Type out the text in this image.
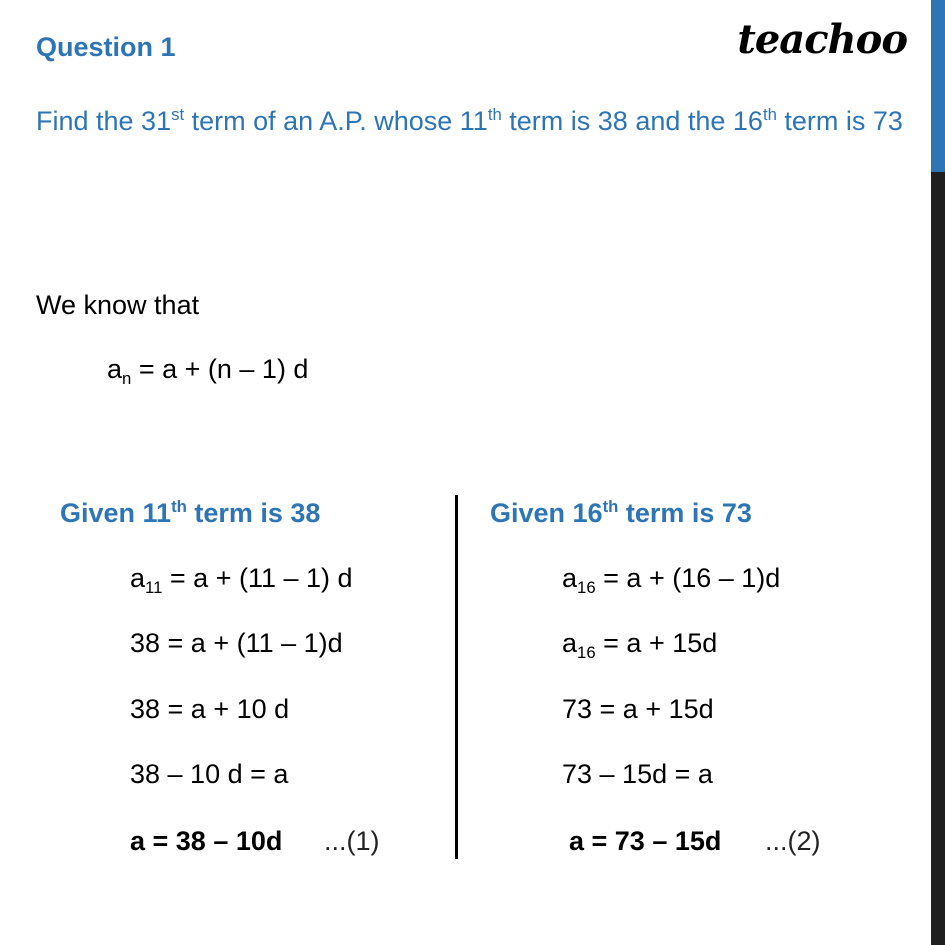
Question 1	teachoo
Find the 31st term of an A.P. whose 11th term is 38 and the 16th term is 73
We know that
$a_n = a + (n - 1)$ d
Given 11th term is 38
$a_{11} = a + (11 - 1)$ d
38 = a + (11 – 1)d
38 = a + 10 d
38 – 10 d = a
a = 38 – 10d ...(1)
Given 16th term is 73
$a_{16} = a + (16 - 1)d$
$a_{16} = a + 15d$
73 = a + 15d
73 – 15d = a
a = 73 – 15d ...(2)
